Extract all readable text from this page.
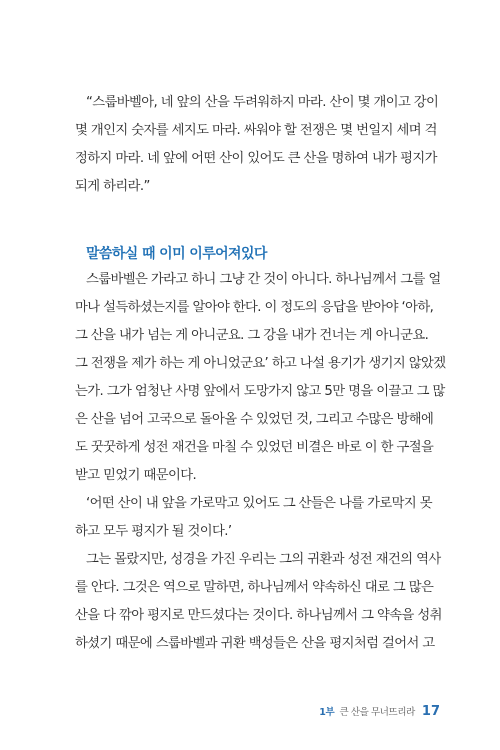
“스룹바벨아, 네 앞의 산을 두려워하지 마라. 산이 몇 개이고 강이
몇 개인지 숫자를 세지도 마라. 싸워야 할 전쟁은 몇 번일지 세며 걱
정하지 마라. 네 앞에 어떤 산이 있어도 큰 산을 명하여 내가 평지가
되게 하리라.”
말씀하실 때 이미 이루어져있다
스룹바벨은 가라고 하니 그냥 간 것이 아니다. 하나님께서 그를 얼
마나 설득하셨는지를 알아야 한다. 이 정도의 응답을 받아야 ‘아하,
그 산을 내가 넘는 게 아니군요. 그 강을 내가 건너는 게 아니군요.
그 전쟁을 제가 하는 게 아니었군요’ 하고 나설 용기가 생기지 않았겠
는가. 그가 엄청난 사명 앞에서 도망가지 않고 5만 명을 이끌고 그 많
은 산을 넘어 고국으로 돌아올 수 있었던 것, 그리고 수많은 방해에
도 꿋꿋하게 성전 재건을 마칠 수 있었던 비결은 바로 이 한 구절을
받고 믿었기 때문이다.
‘어떤 산이 내 앞을 가로막고 있어도 그 산들은 나를 가로막지 못
하고 모두 평지가 될 것이다.’
그는 몰랐지만, 성경을 가진 우리는 그의 귀환과 성전 재건의 역사
를 안다. 그것은 역으로 말하면, 하나님께서 약속하신 대로 그 많은
산을 다 깎아 평지로 만드셨다는 것이다. 하나님께서 그 약속을 성취
하셨기 때문에 스룹바벨과 귀환 백성들은 산을 평지처럼 걸어서 고
1부 큰 산을 무너뜨리라 17
